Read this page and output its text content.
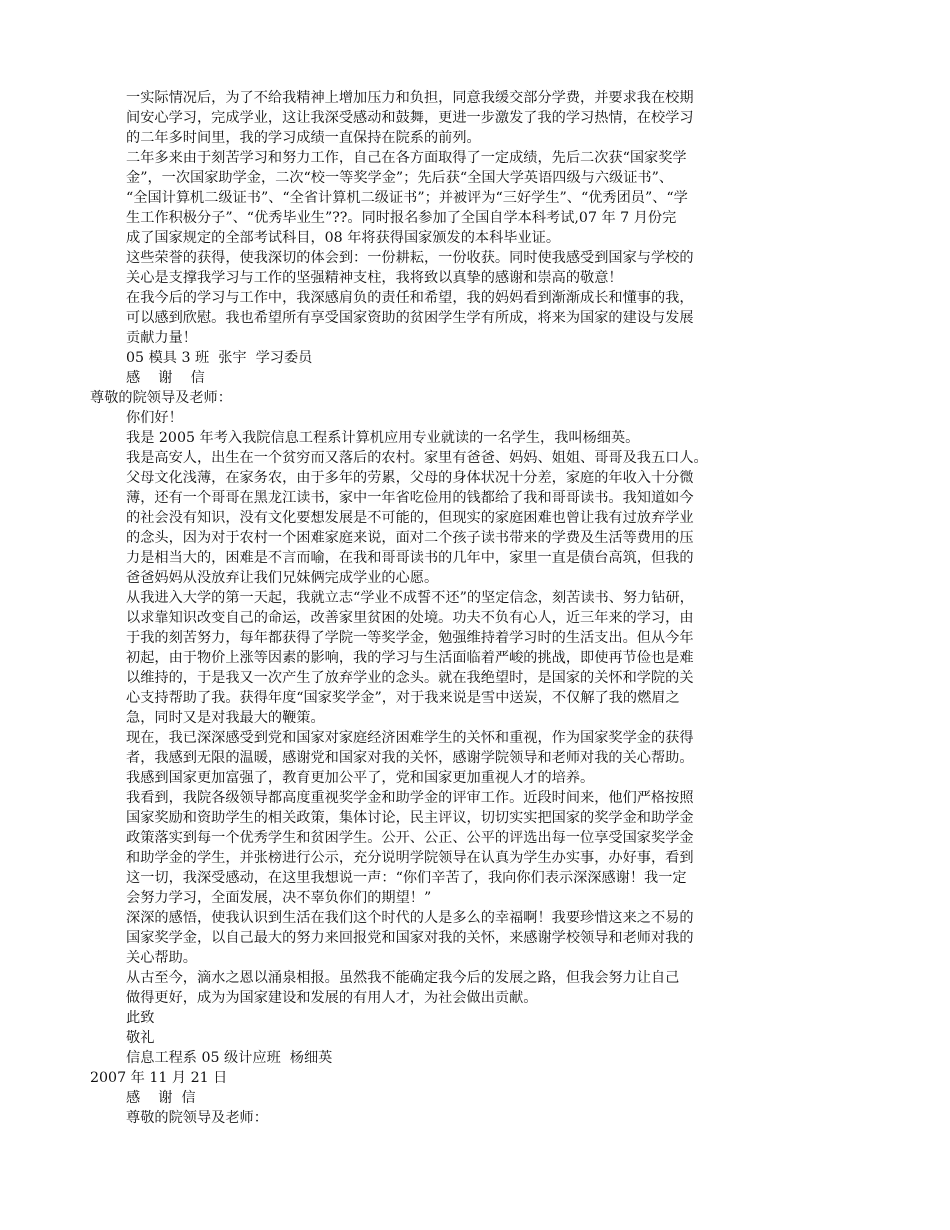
一实际情况后，为了不给我精神上增加压力和负担，同意我缓交部分学费，并要求我在校期
间安心学习，完成学业，这让我深受感动和鼓舞，更进一步激发了我的学习热情，在校学习
的二年多时间里，我的学习成绩一直保持在院系的前列。
二年多来由于刻苦学习和努力工作，自己在各方面取得了一定成绩，先后二次获“国家奖学
金”，一次国家助学金，二次“校一等奖学金”；先后获“全国大学英语四级与六级证书”、
“全国计算机二级证书”、“全省计算机二级证书”；并被评为“三好学生”、“优秀团员”、“学
生工作积极分子”、“优秀毕业生”??。同时报名参加了全国自学本科考试,07 年 7 月份完
成了国家规定的全部考试科目，08 年将获得国家颁发的本科毕业证。
这些荣誉的获得，使我深切的体会到：一份耕耘，一份收获。同时使我感受到国家与学校的
关心是支撑我学习与工作的坚强精神支柱，我将致以真挚的感谢和崇高的敬意！
在我今后的学习与工作中，我深感肩负的责任和希望，我的妈妈看到渐渐成长和懂事的我，
可以感到欣慰。我也希望所有享受国家资助的贫困学生学有所成，将来为国家的建设与发展
贡献力量！
05 模具 3 班  张宇  学习委员
感    谢    信
尊敬的院领导及老师：
你们好！
我是 2005 年考入我院信息工程系计算机应用专业就读的一名学生，我叫杨细英。
我是高安人，出生在一个贫穷而又落后的农村。家里有爸爸、妈妈、姐姐、哥哥及我五口人。
父母文化浅薄，在家务农，由于多年的劳累，父母的身体状况十分差，家庭的年收入十分微
薄，还有一个哥哥在黑龙江读书，家中一年省吃俭用的钱都给了我和哥哥读书。我知道如今
的社会没有知识，没有文化要想发展是不可能的，但现实的家庭困难也曾让我有过放弃学业
的念头，因为对于农村一个困难家庭来说，面对二个孩子读书带来的学费及生活等费用的压
力是相当大的，困难是不言而喻，在我和哥哥读书的几年中，家里一直是债台高筑，但我的
爸爸妈妈从没放弃让我们兄妹俩完成学业的心愿。
从我进入大学的第一天起，我就立志“学业不成誓不还”的坚定信念，刻苦读书、努力钻研，
以求靠知识改变自己的命运，改善家里贫困的处境。功夫不负有心人，近三年来的学习，由
于我的刻苦努力，每年都获得了学院一等奖学金，勉强维持着学习时的生活支出。但从今年
初起，由于物价上涨等因素的影响，我的学习与生活面临着严峻的挑战，即使再节俭也是难
以维持的，于是我又一次产生了放弃学业的念头。就在我绝望时，是国家的关怀和学院的关
心支持帮助了我。获得年度“国家奖学金”，对于我来说是雪中送炭，不仅解了我的燃眉之
急，同时又是对我最大的鞭策。
现在，我已深深感受到党和国家对家庭经济困难学生的关怀和重视，作为国家奖学金的获得
者，我感到无限的温暖，感谢党和国家对我的关怀，感谢学院领导和老师对我的关心帮助。
我感到国家更加富强了，教育更加公平了，党和国家更加重视人才的培养。
我看到，我院各级领导都高度重视奖学金和助学金的评审工作。近段时间来，他们严格按照
国家奖励和资助学生的相关政策，集体讨论，民主评议，切切实实把国家的奖学金和助学金
政策落实到每一个优秀学生和贫困学生。公开、公正、公平的评选出每一位享受国家奖学金
和助学金的学生，并张榜进行公示，充分说明学院领导在认真为学生办实事，办好事，看到
这一切，我深受感动，在这里我想说一声：“你们辛苦了，我向你们表示深深感谢！我一定
会努力学习，全面发展，决不辜负你们的期望！”
深深的感悟，使我认识到生活在我们这个时代的人是多么的幸福啊！我要珍惜这来之不易的
国家奖学金，以自己最大的努力来回报党和国家对我的关怀，来感谢学校领导和老师对我的
关心帮助。
从古至今，滴水之恩以涌泉相报。虽然我不能确定我今后的发展之路，但我会努力让自己
做得更好，成为为国家建设和发展的有用人才，为社会做出贡献。
此致
敬礼
信息工程系 05 级计应班  杨细英
2007 年 11 月 21 日
感    谢  信
尊敬的院领导及老师：
